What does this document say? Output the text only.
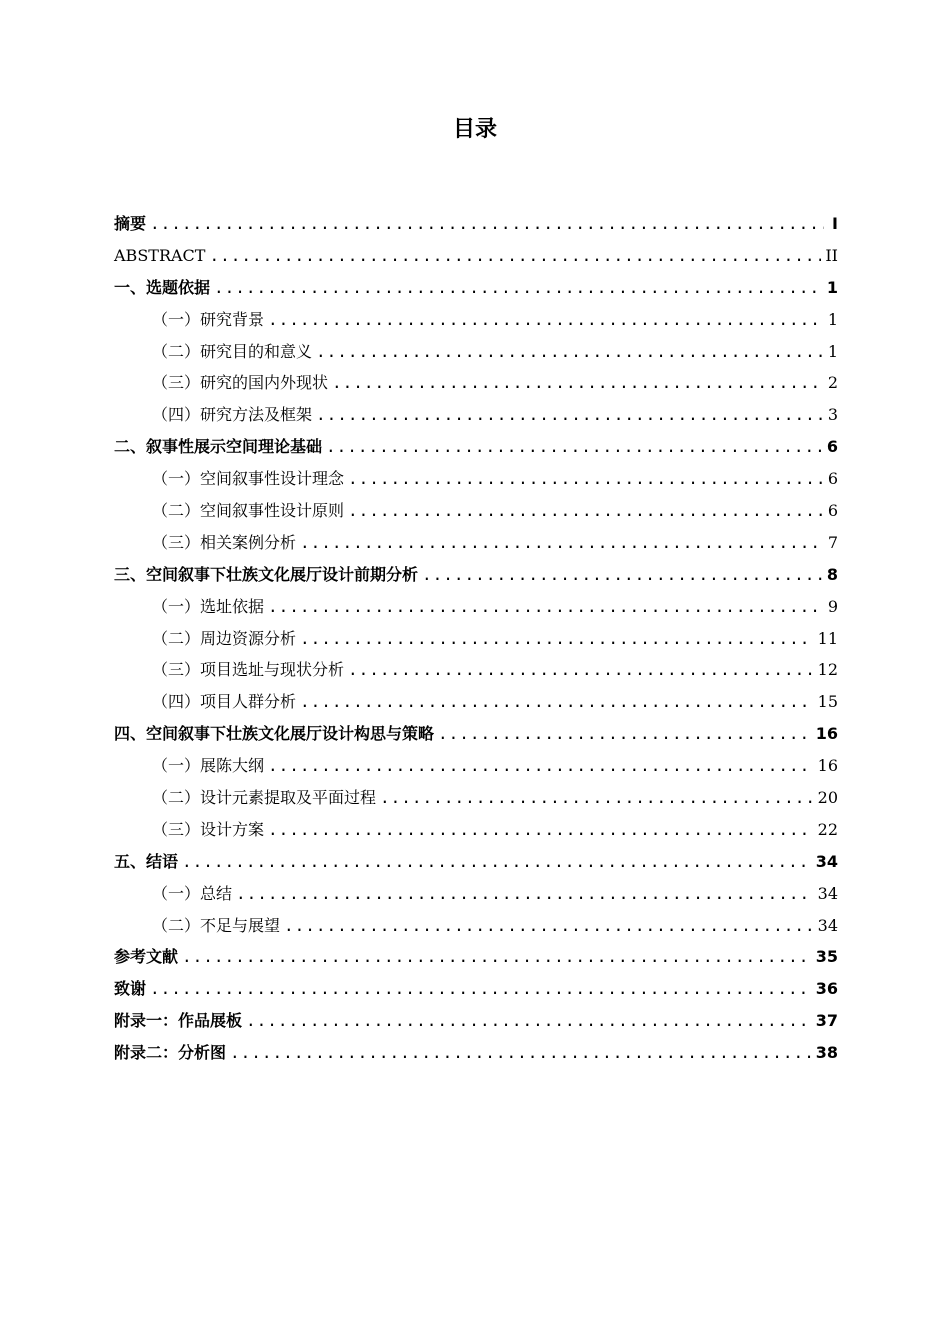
目录
摘要 .....	I
ABSTRACT .....	II
一、选题依据 .....	1
（一）研究背景 .....	1
（二）研究目的和意义 .....	1
（三）研究的国内外现状 .....	2
（四）研究方法及框架 .....	3
二、叙事性展示空间理论基础 .....	6
（一）空间叙事性设计理念 .....	6
（二）空间叙事性设计原则 .....	6
（三）相关案例分析 .....	7
三、空间叙事下壮族文化展厅设计前期分析 .....	8
（一）选址依据 .....	9
（二）周边资源分析 .....	11
（三）项目选址与现状分析 .....	12
（四）项目人群分析 .....	15
四、空间叙事下壮族文化展厅设计构思与策略 .....	16
（一）展陈大纲 .....	16
（二）设计元素提取及平面过程 .....	20
（三）设计方案 .....	22
五、结语 .....	34
（一）总结 .....	34
（二）不足与展望 .....	34
参考文献 .....	35
致谢 .....	36
附录一：作品展板 .....	37
附录二：分析图 .....	38
